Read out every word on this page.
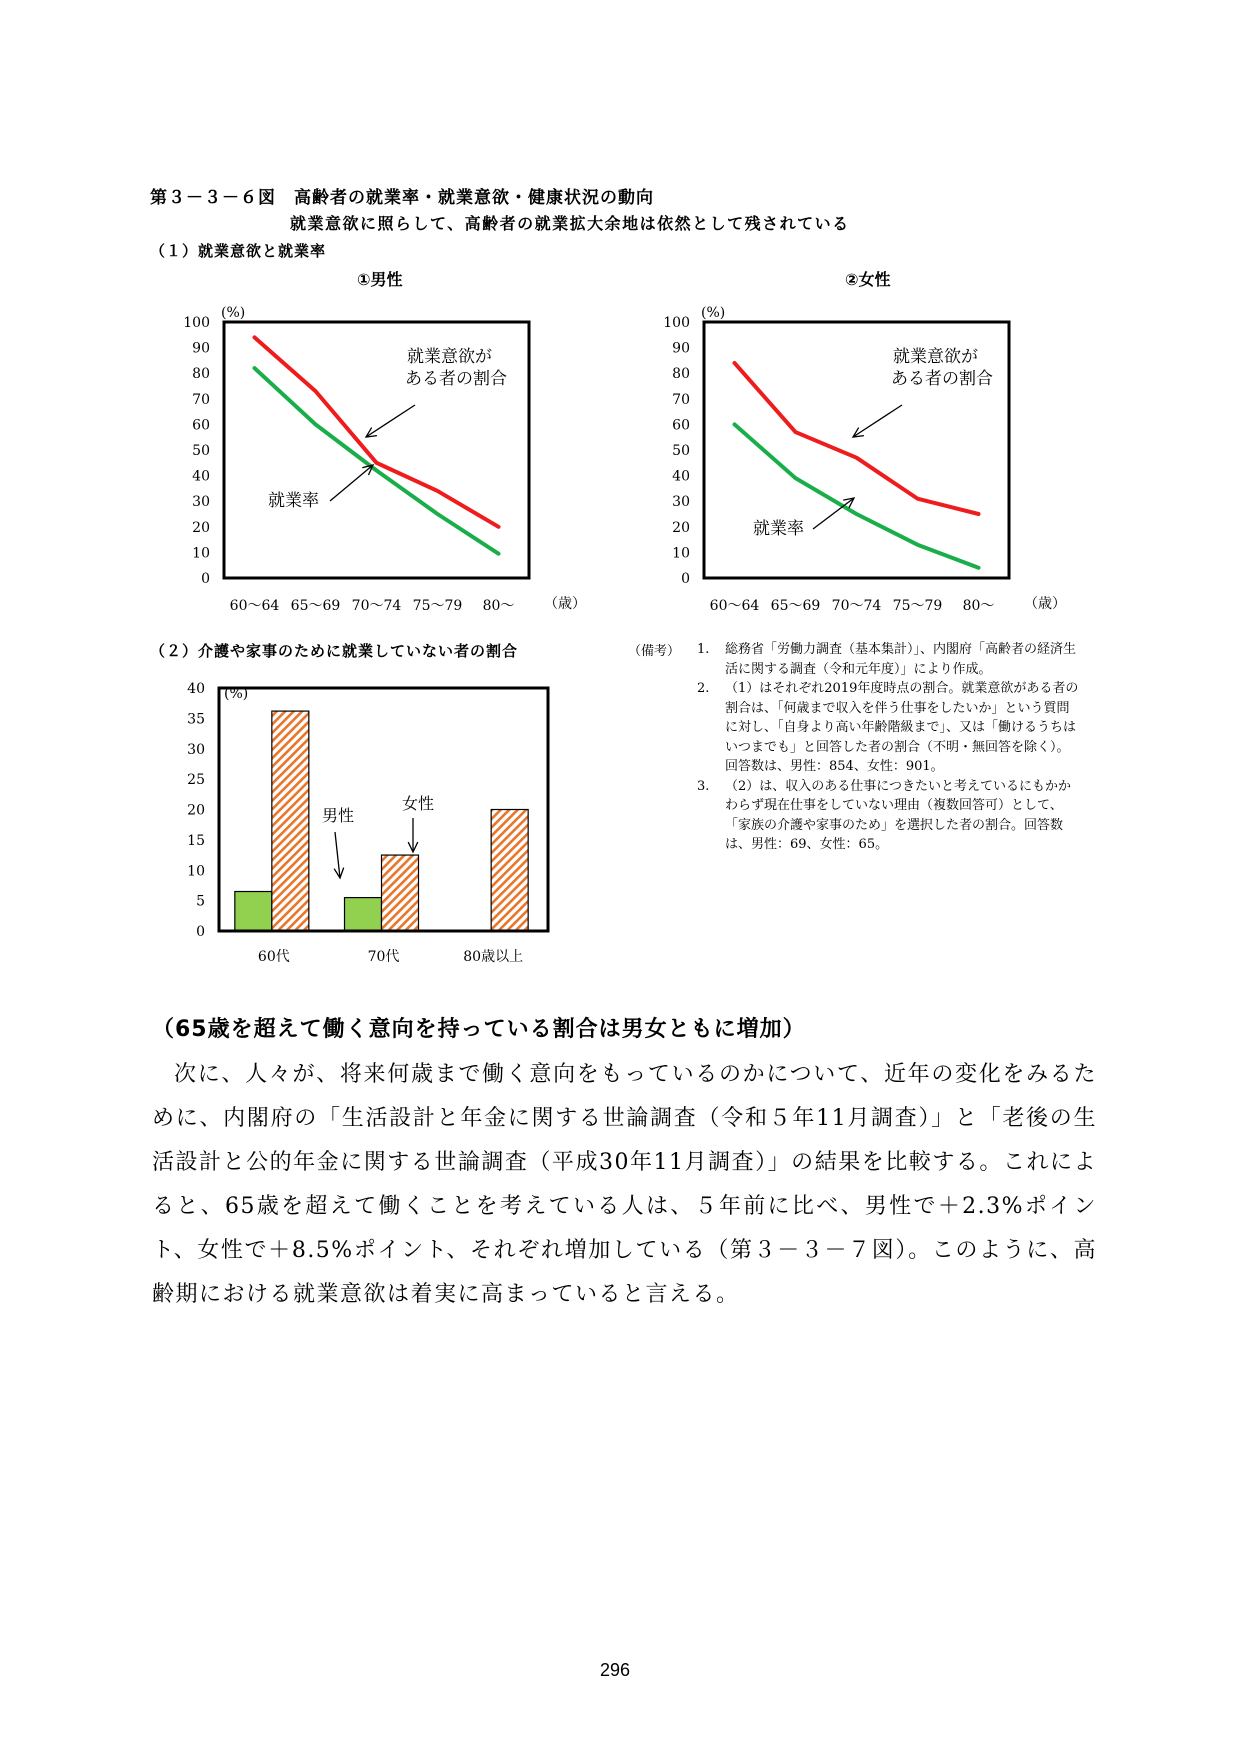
第３－３－６図　高齢者の就業率・就業意欲・健康状況の動向
就業意欲に照らして、高齢者の就業拡大余地は依然として残されている
（１）就業意欲と就業率
①男性	②女性
0
10
20
30
40
50
60
70
80
90
100
(%)
60～64 65～69 70～74 75～79 80～ （歳）
就業意欲が
ある者の割合
就業率
0
10
20
30
40
50
60
70
80
90
100
(%)
60～64 65～69 70～74 75～79 80～ （歳）
就業意欲が
ある者の割合
就業率
（２）介護や家事のために就業していない者の割合
0
5
10
15
20
25
30
35
40 (%)
60代	70代	80歳以上
男性
女性
（備考） 1.	総務省「労働力調査（基本集計）」、内閣府「高齢者の経済生活に関する調査（令和元年度）」により作成。
2.	（1）はそれぞれ2019年度時点の割合。就業意欲がある者の割合は、「何歳まで収入を伴う仕事をしたいか」という質問に対し、「自身より高い年齢階級まで」、又は「働けるうちはいつまでも」と回答した者の割合（不明・無回答を除く）。回答数は、男性：854、女性：901。
3.	（2）は、収入のある仕事につきたいと考えているにもかかわらず現在仕事をしていない理由（複数回答可）として、「家族の介護や家事のため」を選択した者の割合。回答数は、男性：69、女性：65。
（65歳を超えて働く意向を持っている割合は男女ともに増加）
次に、人々が、将来何歳まで働く意向をもっているのかについて、近年の変化をみるために、内閣府の「生活設計と年金に関する世論調査（令和５年11月調査）」と「老後の生活設計と公的年金に関する世論調査（平成30年11月調査）」の結果を比較する。これによると、65歳を超えて働くことを考えている人は、５年前に比べ、男性で＋2.3%ポイント、女性で＋8.5%ポイント、それぞれ増加している（第３－３－７図）。このように、高齢期における就業意欲は着実に高まっていると言える。
296
